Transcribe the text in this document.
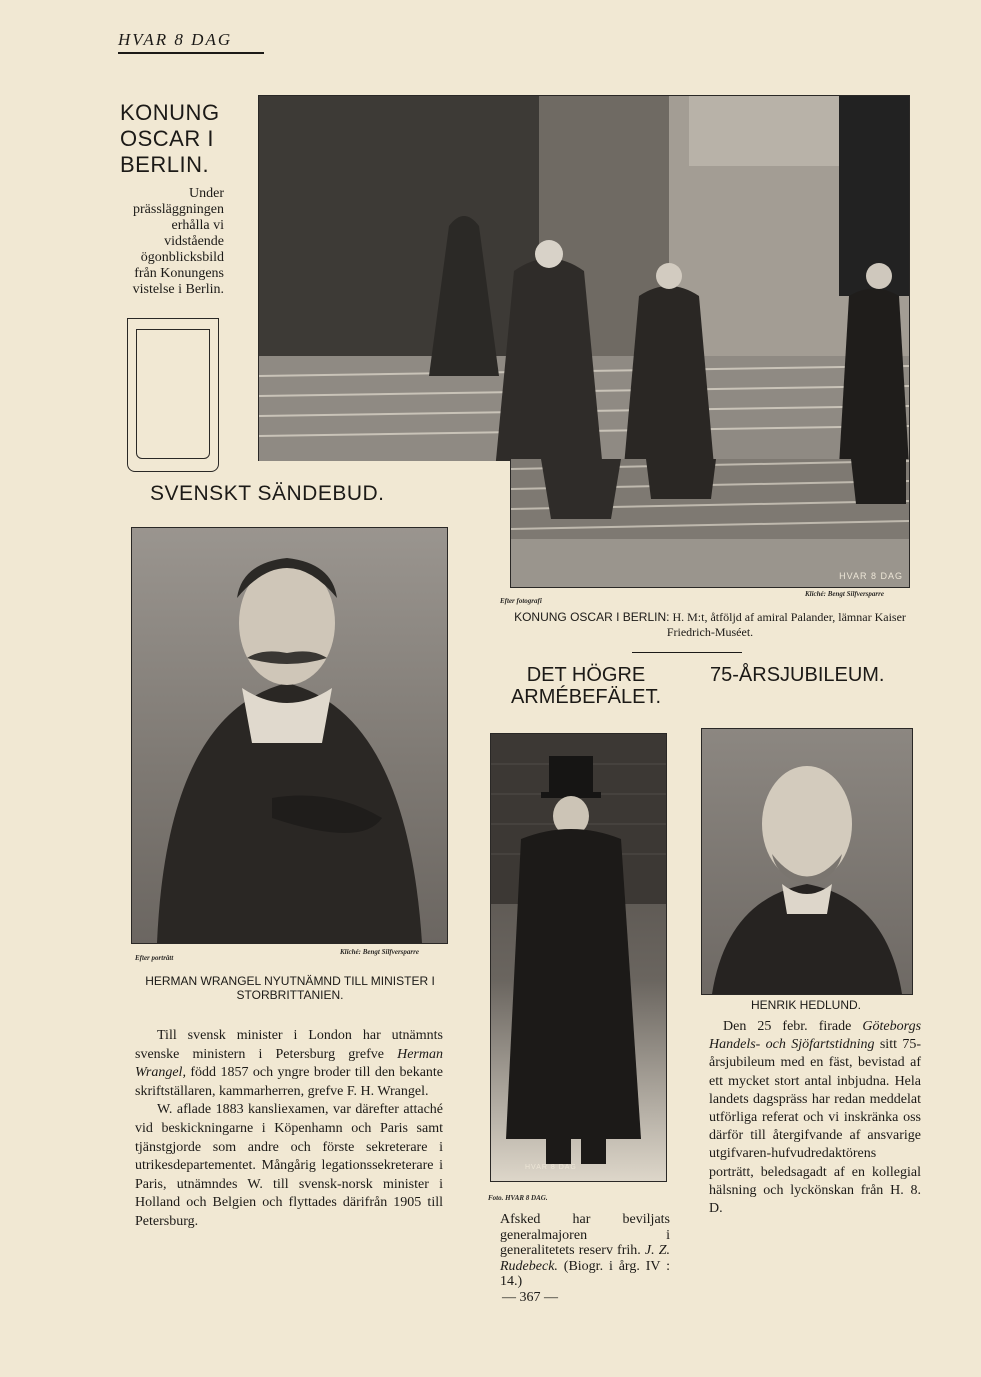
HVAR 8 DAG
KONUNG OSCAR I BERLIN.
Under prässläggningen erhålla vi vidstående ögonblicksbild från Konungens vistelse i Berlin.
HVAR 8 DAG
Efter fotografi
Kliché: Bengt Silfversparre
KONUNG OSCAR I BERLIN: H. M:t, åtföljd af amiral Palander, lämnar Kaiser Friedrich-Muséet.
SVENSKT SÄNDEBUD.
Efter porträtt
Kliché: Bengt Silfversparre
HERMAN WRANGEL NYUTNÄMND TILL MINISTER I STORBRITTANIEN.

Till svensk minister i London har utnämnts svenske ministern i Petersburg grefve Herman Wrangel, född 1857 och yngre broder till den bekante skriftställaren, kammarherren, grefve F. H. Wrangel.

W. aflade 1883 kansliexamen, var därefter attaché vid beskickningarne i Köpenhamn och Paris samt tjänstgjorde som andre och förste sekreterare i utrikesdepartementet. Mångårig legationssekreterare i Paris, utnämndes W. till svensk-norsk minister i Holland och Belgien och flyttades därifrån 1905 till Petersburg.

DET HÖGRE ARMÉBEFÄLET.
HVAR 8 DAG
Foto. HVAR 8 DAG.
Afsked har beviljats generalmajoren i generalitetets reserv frih. J. Z. Rudebeck. (Biogr. i årg. IV : 14.)
75-ÅRSJUBILEUM.
HENRIK HEDLUND.
Den 25 febr. firade Göteborgs Handels- och Sjöfartstidning sitt 75-årsjubileum med en fäst, bevistad af ett mycket stort antal inbjudna. Hela landets dagspräss har redan meddelat utförliga referat och vi inskränka oss därför till återgifvande af ansvarige utgifvaren-hufvudredaktörens porträtt, beledsagadt af en kollegial hälsning och lyckönskan från H. 8. D.
— 367 —
